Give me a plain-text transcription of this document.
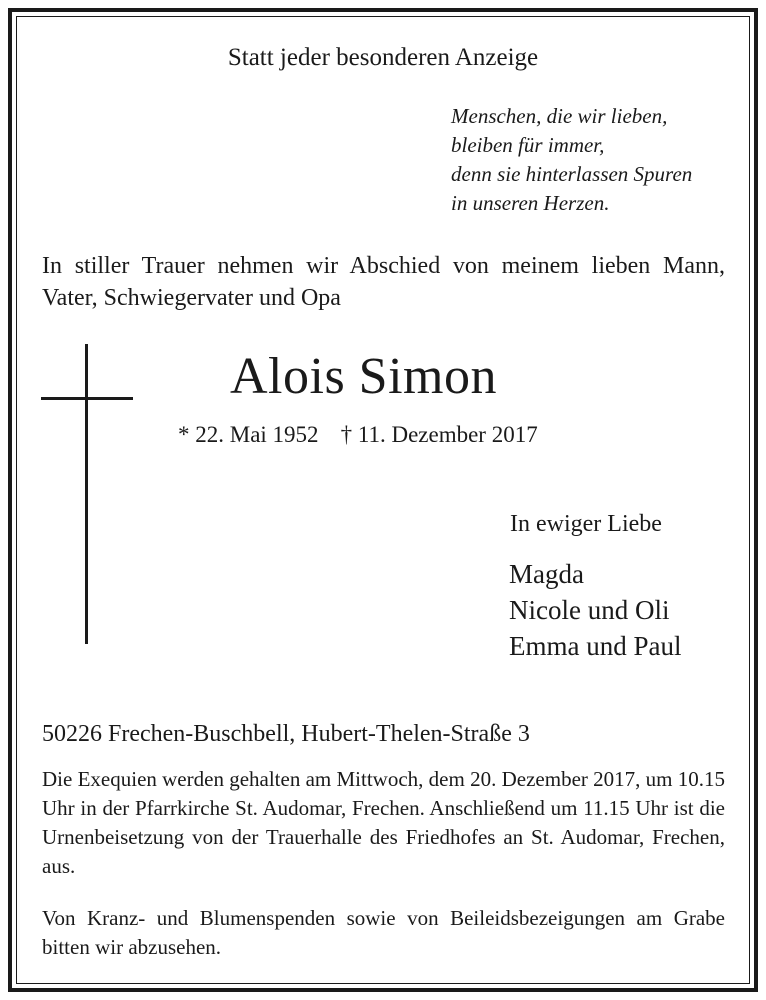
Statt jeder besonderen Anzeige

Menschen, die wir lieben,
bleiben für immer,
denn sie hinterlassen Spuren
in unseren Herzen.

In stiller Trauer nehmen wir Abschied von meinem lieben Mann, Vater, Schwiegervater und Opa

Alois Simon

* 22. Mai 1952 † 11. Dezember 2017

In ewiger Liebe

Magda
Nicole und Oli
Emma und Paul

50226 Frechen-Buschbell, Hubert-Thelen-Straße 3

Die Exequien werden gehalten am Mittwoch, dem 20. Dezember 2017, um 10.15 Uhr in der Pfarrkirche St. Audomar, Frechen. Anschließend um 11.15 Uhr ist die Urnenbeisetzung von der Trauerhalle des Friedhofes an St. Audomar, Frechen, aus.

Von Kranz- und Blumenspenden sowie von Beileidsbezeigungen am Grabe bitten wir abzusehen.
